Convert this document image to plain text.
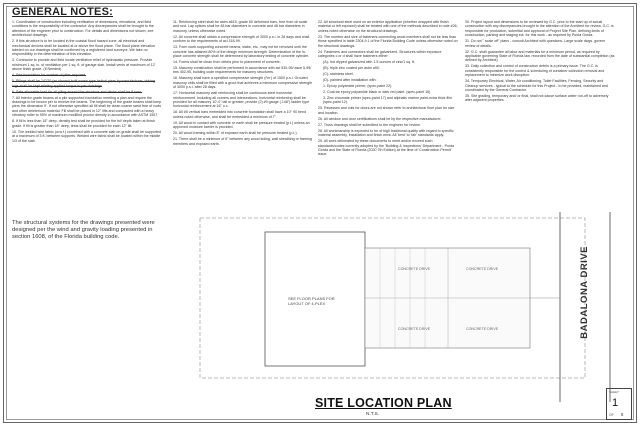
GENERAL NOTES:

1. Coordination of construction including verification of dimensions, elevations, and field conditions is the responsibility of the contractor. Any discrepancies shall be brought to the attention of the engineer prior to construction. For details and dimensions not shown, see architectural drawings.

2. If this structure is to be located in the coastal flood hazard zone, all electrical and mechanical devices shall be located at or above the flood plane. The flood plane elevation labeled on our drawings shall be confirmed by a registered land surveyor. We take no responsibility in the determination of this elevation.

3. Contractor to provide and field locate ventilation relief of hydrostatic pressure. Provide minimum 1 sq. in. of ventilation per 1 sq. ft. of garage slab. Install vents at maximum of 12' above finish grade. (If Needed)

4. See foundation for number of piles required.

5. Pilings shall be 14"/20 (as shown) built screw-type helical piers by manufacturer, driving logs shall be kept relating applied torque to per drawings

6. Safe allowable load for all piling around the structure and decks shall be 8 tons.

7. All interior grade beams at a pile supported foundation meeting a plan and require the drawings to be known per to receive the beams. The beginning of the grade beams shall keep piers the dimension 9'. If not otherwise specified all fill shall be clean coarse sand free of roots and other deleterious material. Fill shall be placed in 12" lifts and compacted with a heavy vibratory roller to 95% of maximum modified proctor density in accordance with ASTM 1557.

8. If fill is less than 18" deep, density test shall be provided for the full depth taken at finish grade. If fill is greater than 18" deep, tests shall be provided for each 12" lift.

10. The welded wire fabric (w.w.f.) combined with a concrete slab on grade shall be supported at a maximum of 3 ft. between supports. Welded wire fabric shall be located within the middle 1/3 of the slab.

11. Reinforcing steel shall be astm a615, grade 60 deformed bars, free from oil scale and rust. Lap splices shall be 48 bar diameters in concrete and 48 bar diameters in masonry, unless otherwise noted.

12. All concrete shall obtain a compressive strength of 3000 p.s.i. in 28 days and shall conform to the requirements of aci 318-99.

13. Form work supporting concrete beams, slabs, etc., may not be removed until the concrete has attained 80% of the design minimum strength. Determination of the in-place concrete strength shall be determined by laboratory testing of concrete cylinder.

14. Forms shall be clean from debris prior to placement of concrete.

15. Masonry construction shall be performed in accordance with aci 530-95/ asce 5-95/ tms 402-95, building code requirements for masonry structures.

16. Masonry shall have a specified compressive strength (f'm') of 1500 p.s.i. Grouted masonry cells shall be filled with a grout that achieves a minimum compressive strength of 3000 p.s.i. after 28 days.

17. Horizontal masonry wall reinforcing shall be continuous steel horizontal reinforcement. Including all corners and intersections, horizontal reinforcing shall be provided for all masonry 10'-0" tall or greater, provide (2) #9 gauge (.148") ladder type horizontal reinforcement at 16" o.c.

18. All #5 vertical bars embedded into concrete foundation shall have a 10" 90 bend unless noted otherwise, and shall be embedded a minimum of 7".

19. All wood in contact with concrete or earth shall be pressure treated (p.t.) unless an approved moisture barrier is provided.

20. All wood framing within 8" of exposed earth shall be pressure treated (p.t.).

21. There shall be a minimum of 6" between any wood siding, wall sheathing or framing members and exposed earth.

22. All structural steel used on an exterior application (whether wrapped with finish material or left exposed) shall be treated with one of the methods described in note #26, unless noted otherwise on the structural drawings.

23. The number and size of fasteners connecting wood members shall not be less than those specified in table 2304.9.1 of the Florida Building Code unless otherwise noted on the structural drawings.

24. Fasteners and connectors shall be galvanized. Structures within exposure categories c or d shall have fasteners either:

(A)- hot dipped galvanized with 1.5 ounces of zinc/1 sq. ft.

(B)- triple zinc coated per astm a90.

(C)- stainless steel.

(D)- painted after installation with:

1. Epoxy polyamide primer, (spec-paint 22).

2. Coal-tar epoxy polyamide black or dark red paint. (spec-paint 16)

3. Zinc chromate primer (spec-paint 17) and aliphatic marine paint-extra thick film (spec-paint 12).

25. Recesses and cuts for doors are not shown refer to architectural floor plan for size and location.

26. All window and door certifications shall be by the respective manufacturer.

27. Truss drawings shall be submitted to the engineer for review.

28. All workmanship is expected to be of high traditional quality with regard to specific material assembly, installation and finish work. All 'best' to 'fair' standards apply.

29. All work delineated by these documents to meet and/or exceed such standards/codes currently adopted by the 'Building & Inspections' Department - Punta Gorda and the State of Florida (2020 7th Edition) at the time of 'Construction Permit' issue.

30. Project layout and dimensions to be reviewed by G.C. prior to the start up of actual construction with any discrepancies brought to the attention of the Architect for review. G.C. is responsible for production, submittal and approval of Project Site Plan, defining limits of construction, parking and staging ect. for this work - as required by Punta Gorda.

31. Do not " scale off" plans - consult Architect with questions. Large scale dwgs. govern review of details.

32. G.C. shall guarantee all labor and materials for a minimum period, as required by applicable governing State of Florida law, recorded from the date of substantial completion (as defined by Architect).

33. Daily collection and control of construction debris is a primary issue. The G.C. is consistently responsible for the control & scheduling of container collection removal and replacement to minimize work disruption.

34. Temporary Electrical, Water, Air conditioning, Toilet Facilities, Fencing, Security and Cleanup services - typical to the schedule for this Project - to be provided, maintained and coordinated by the General Contractor.

35. Site grading, temporary and/ or final, shall not cause surface water run-off to adversely alter adjacent properties.

The structural systems for the drawings presented were designed per the wind and gravity loading presented in section 1608, of the Florida building code.
SEE FLOOR PLANS FOR LAYOUT OF 4-PLEX
CONCRETE DRIVE	CONCRETE DRIVE
CONCRETE DRIVE	CONCRETE DRIVE	BADALONA DRIVE
SITE LOCATION PLAN
N.T.S.
SHEET
1
OF 8
